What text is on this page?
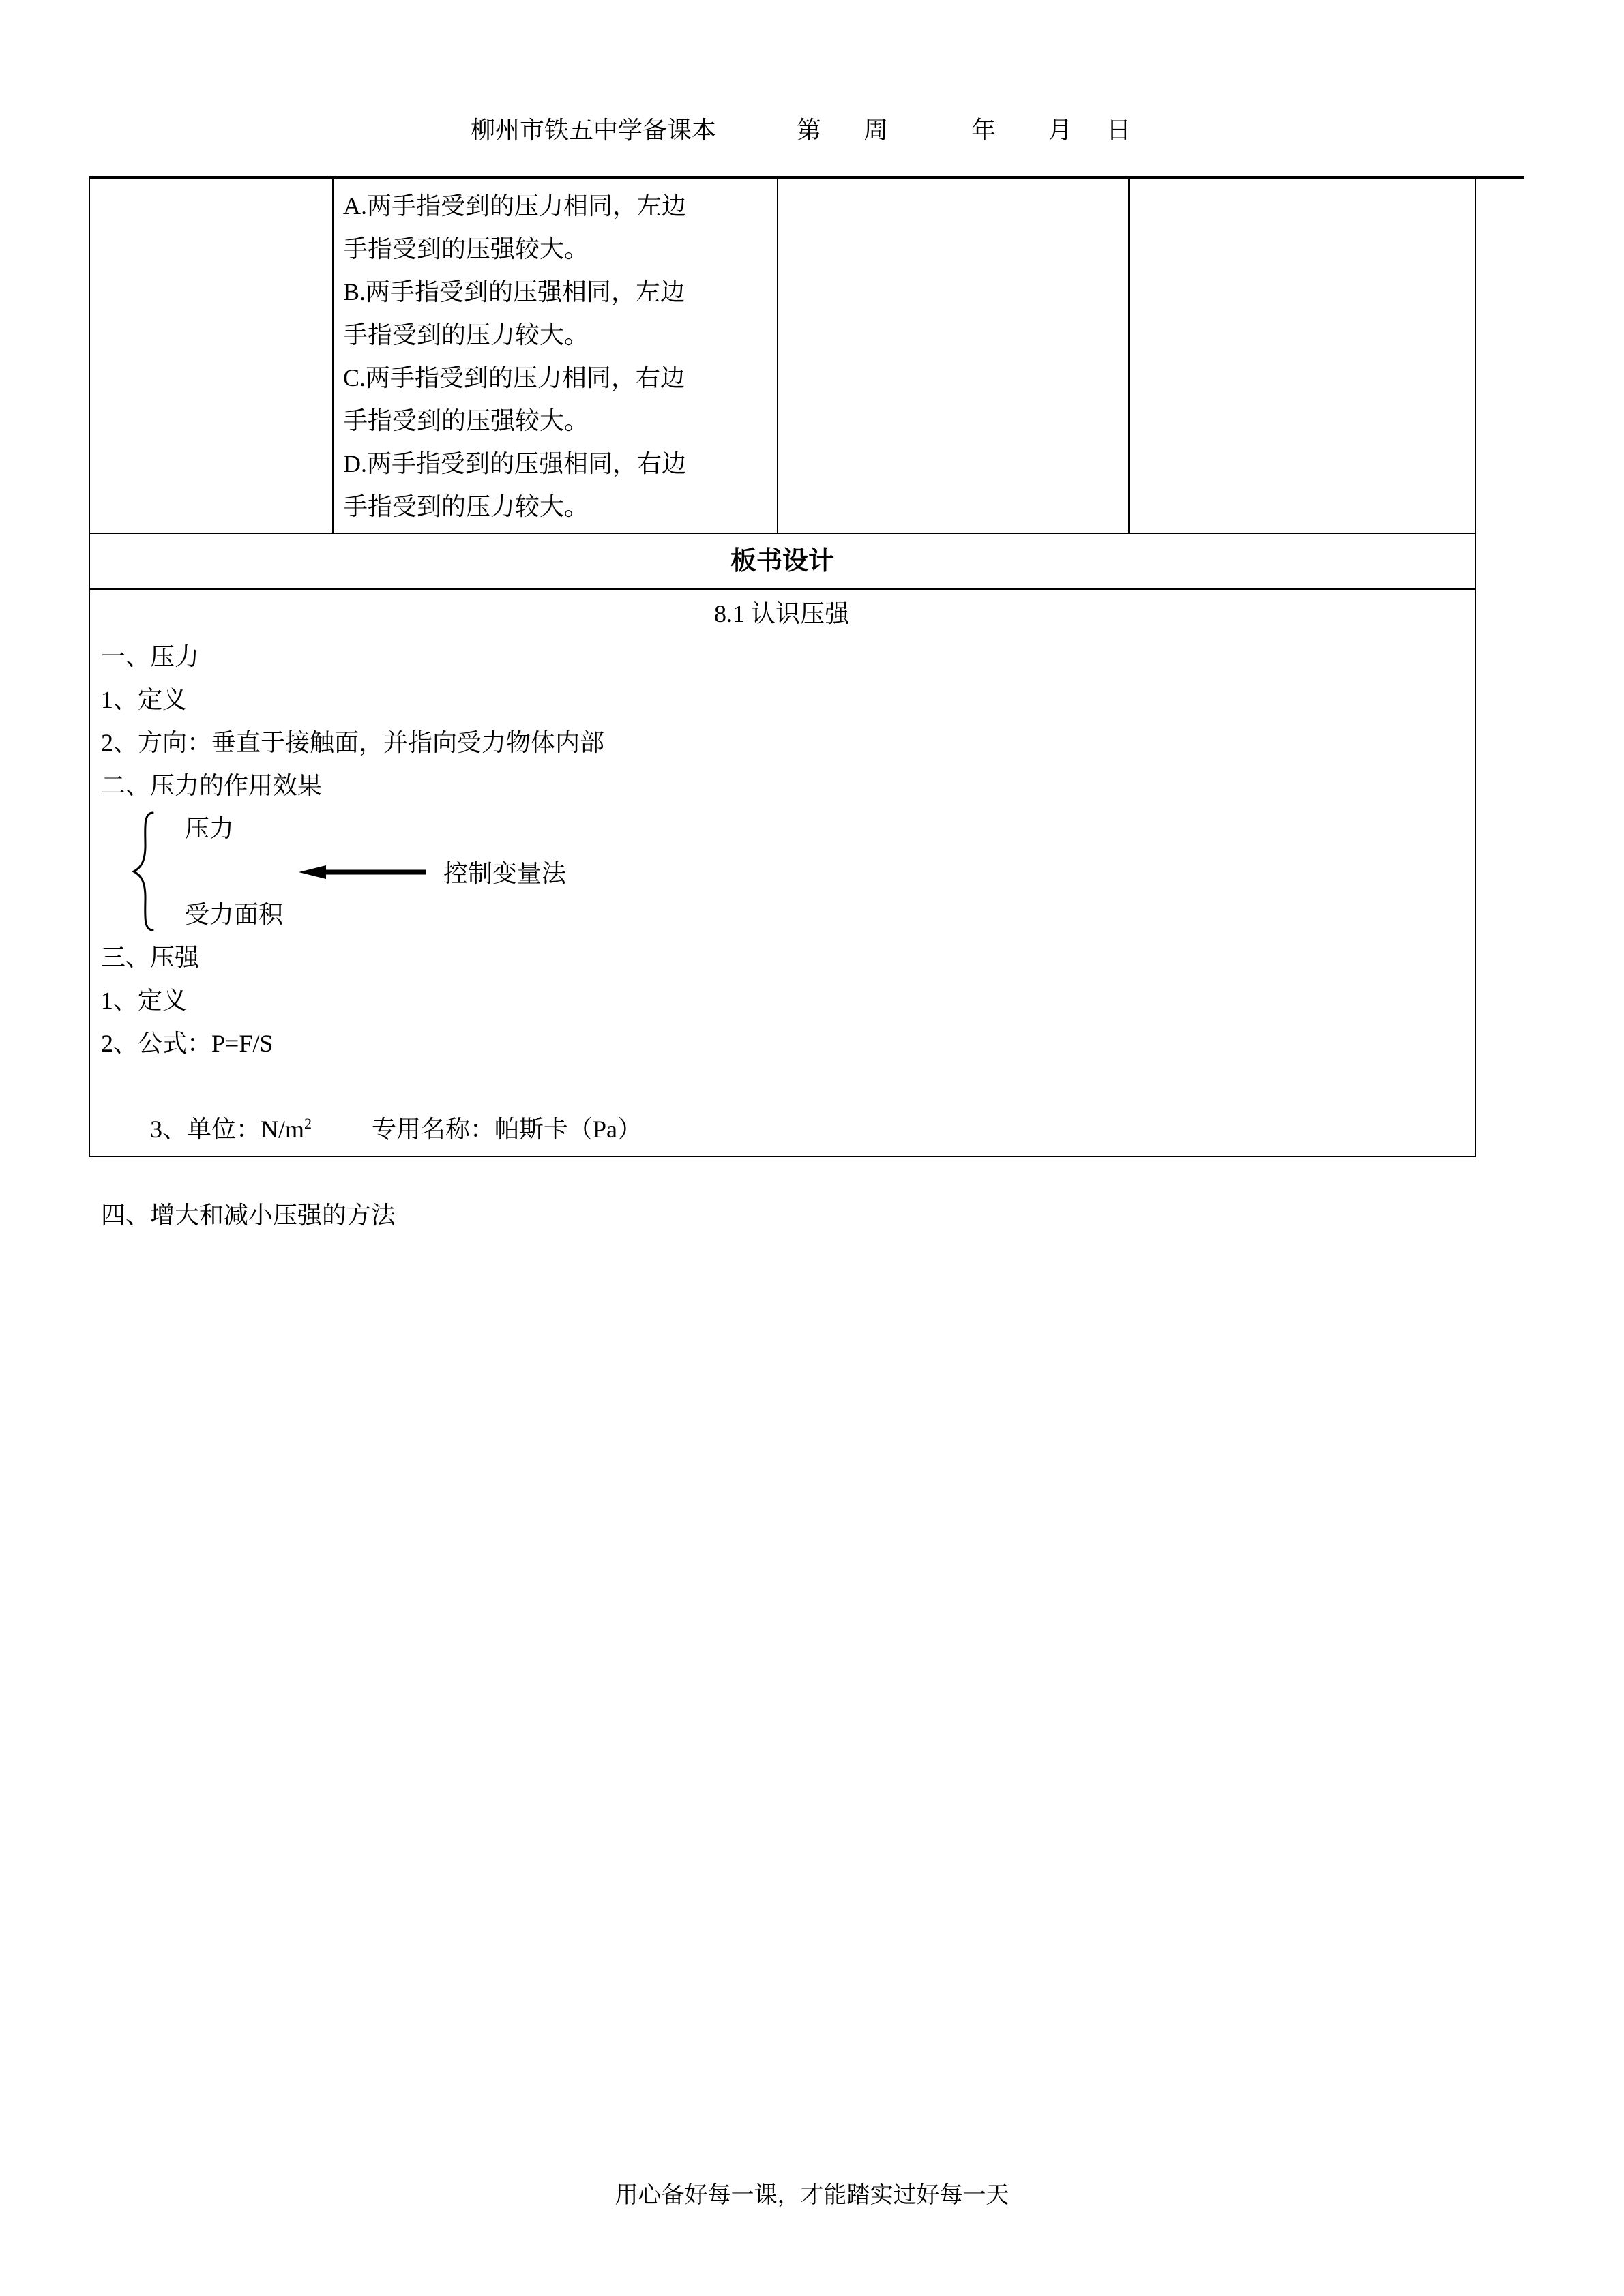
柳州市铁五中学备课本	第 周	年 月 日
A.两手指受到的压力相同，左边
手指受到的压强较大。
B.两手指受到的压强相同，左边
手指受到的压力较大。
C.两手指受到的压力相同，右边
手指受到的压强较大。
D.两手指受到的压强相同，右边
手指受到的压力较大。
板书设计
8.1 认识压强
一、压力
1、定义
2、方向：垂直于接触面，并指向受力物体内部
二、压力的作用效果
压力
控制变量法
受力面积
三、压强
1、定义
2、公式：P=F/S

3、单位：$N/m^2$ 专用名称：帕斯卡（Pa）

四、增大和减小压强的方法
用心备好每一课，才能踏实过好每一天
